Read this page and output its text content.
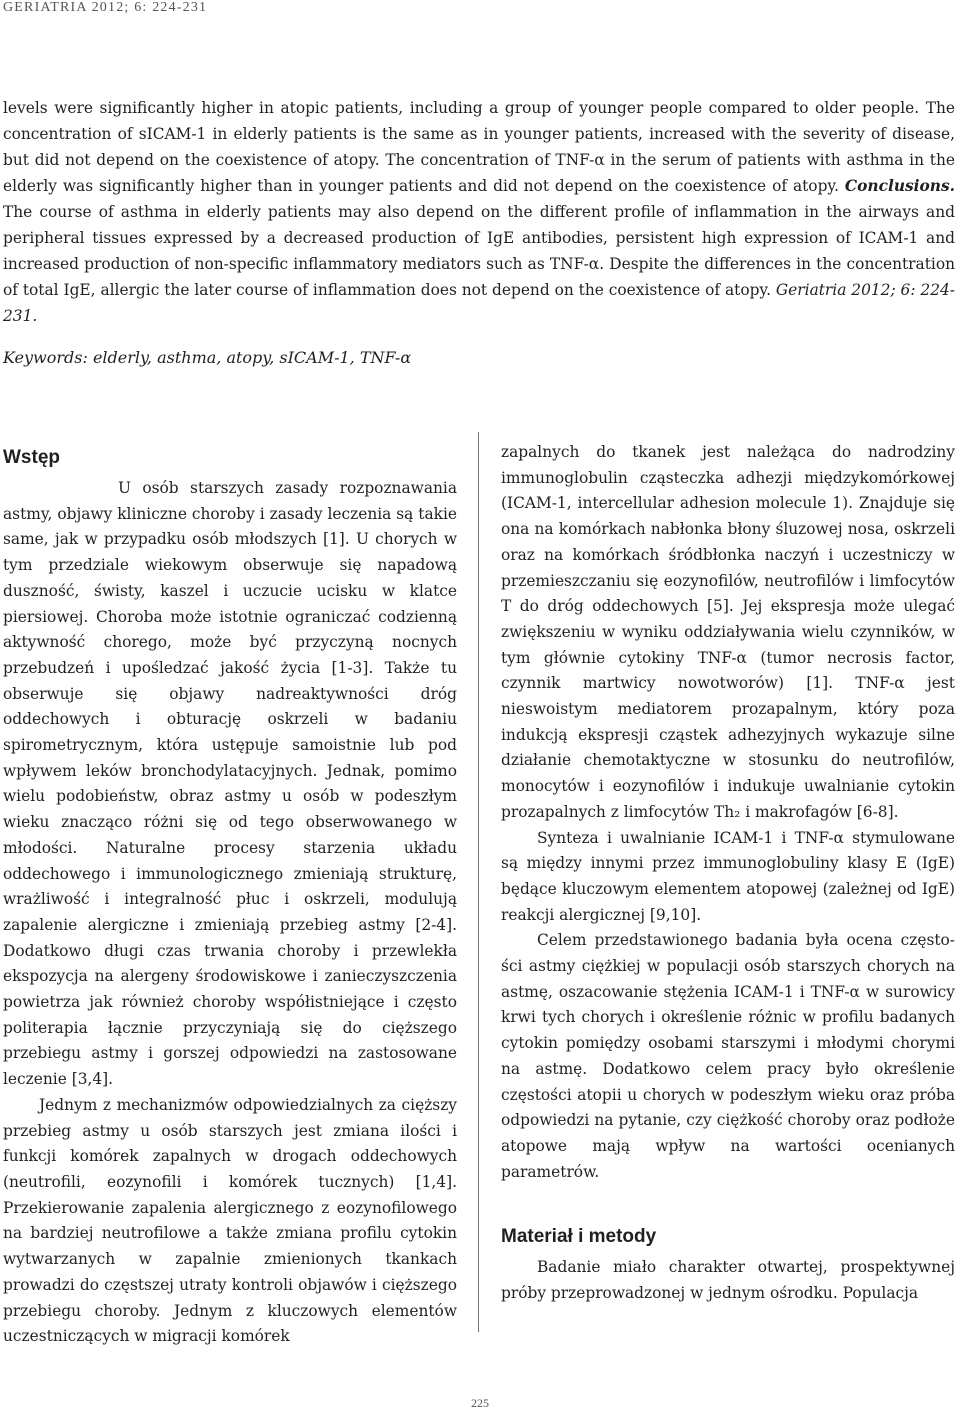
GERIATRIA 2012; 6: 224-231

levels were significantly higher in atopic patients, including a group of younger people compared to older people. The concentration of sICAM-1 in elderly patients is the same as in younger patients, increased with the severity of disease, but did not depend on the coexistence of atopy. The concentration of TNF-α in the serum of patients with asthma in the elderly was significantly higher than in younger patients and did not depend on the coexistence of atopy. Conclusions. The course of asthma in elderly patients may also depend on the different profile of inflammation in the airways and peripheral tissues expressed by a decreased production of IgE antibodies, persistent high expression of ICAM-1 and increased production of non-specific inflammatory mediators such as TNF-α. Despite the differences in the concentration of total IgE, allergic the later course of inflammation does not depend on the coexistence of atopy. Geriatria 2012; 6: 224-231.

Keywords: elderly, asthma, atopy, sICAM-1, TNF-α
Wstęp

U osób starszych zasady rozpoznawania astmy, objawy kliniczne choroby i zasady leczenia są takie same, jak w przypadku osób młodszych [1]. U chorych w tym przedziale wiekowym obserwuje się napadową duszność, świsty, kaszel i uczucie ucisku w klatce piersiowej. Choroba może istotnie ograniczać codzienną aktywność chorego, może być przyczyną nocnych przebudzeń i upośledzać jakość życia [1-3]. Także tu obserwuje się objawy nadreaktywności dróg oddechowych i obturację oskrzeli w badaniu spirometrycznym, która ustępuje samoistnie lub pod wpływem leków bronchodylatacyjnych. Jednak, pomimo wielu podobieństw, obraz astmy u osób w podeszłym wieku znacząco różni się od tego obserwowanego w młodości. Naturalne procesy starzenia układu oddechowego i immunologicznego zmieniają strukturę, wrażliwość i integralność płuc i oskrzeli, modulują zapalenie alergiczne i zmieniają przebieg astmy [2-4]. Dodatkowo długi czas trwania choroby i przewlekła ekspozycja na alergeny środowiskowe i zanieczyszczenia powietrza jak również choroby współistniejące i często politerapia łącznie przyczyniają się do cięższego przebiegu astmy i gorszej odpowiedzi na zastosowane leczenie [3,4].

Jednym z mechanizmów odpowiedzialnych za cięższy przebieg astmy u osób starszych jest zmiana ilości i funkcji komórek zapalnych w drogach oddechowych (neutrofili, eozynofili i komórek tucznych) [1,4]. Przekierowanie zapalenia alergicznego z eozynofilowego na bardziej neutrofilowe a także zmiana profilu cytokin wytwarzanych w zapalnie zmienionych tkankach prowadzi do częstszej utraty kontroli objawów i cięższego przebiegu choroby. Jednym z kluczowych elementów uczestniczących w migracji komórek

zapalnych do tkanek jest należąca do nadrodziny immunoglobulin cząsteczka adhezji międzykomórkowej (ICAM-1, intercellular adhesion molecule 1). Znajduje się ona na komórkach nabłonka błony śluzowej nosa, oskrzeli oraz na komórkach śródbłonka naczyń i uczestniczy w przemieszczaniu się eozynofilów, neutrofilów i limfocytów T do dróg oddechowych [5]. Jej ekspresja może ulegać zwiększeniu w wyniku oddziaływania wielu czynników, w tym głównie cytokiny TNF-α (tumor necrosis factor, czynnik martwicy nowotworów) [1]. TNF-α jest nieswoistym mediatorem prozapalnym, który poza indukcją ekspresji cząstek adhezyjnych wykazuje silne działanie chemotaktyczne w stosunku do neutrofilów, monocytów i eozynofilów i indukuje uwalnianie cytokin prozapalnych z limfocytów Th₂ i makrofagów [6-8].

Synteza i uwalnianie ICAM-1 i TNF-α stymulowane są między innymi przez immunoglobuliny klasy E (IgE) będące kluczowym elementem atopowej (zależnej od IgE) reakcji alergicznej [9,10].

Celem przedstawionego badania była ocena częstości astmy ciężkiej w populacji osób starszych chorych na astmę, oszacowanie stężenia ICAM-1 i TNF-α w surowicy krwi tych chorych i określenie różnic w profilu badanych cytokin pomiędzy osobami starszymi i młodymi chorymi na astmę. Dodatkowo celem pracy było określenie częstości atopii u chorych w podeszłym wieku oraz próba odpowiedzi na pytanie, czy ciężkość choroby oraz podłoże atopowe mają wpływ na wartości ocenianych parametrów.

Materiał i metody

Badanie miało charakter otwartej, prospektywnej próby przeprowadzonej w jednym ośrodku. Populacja

225
